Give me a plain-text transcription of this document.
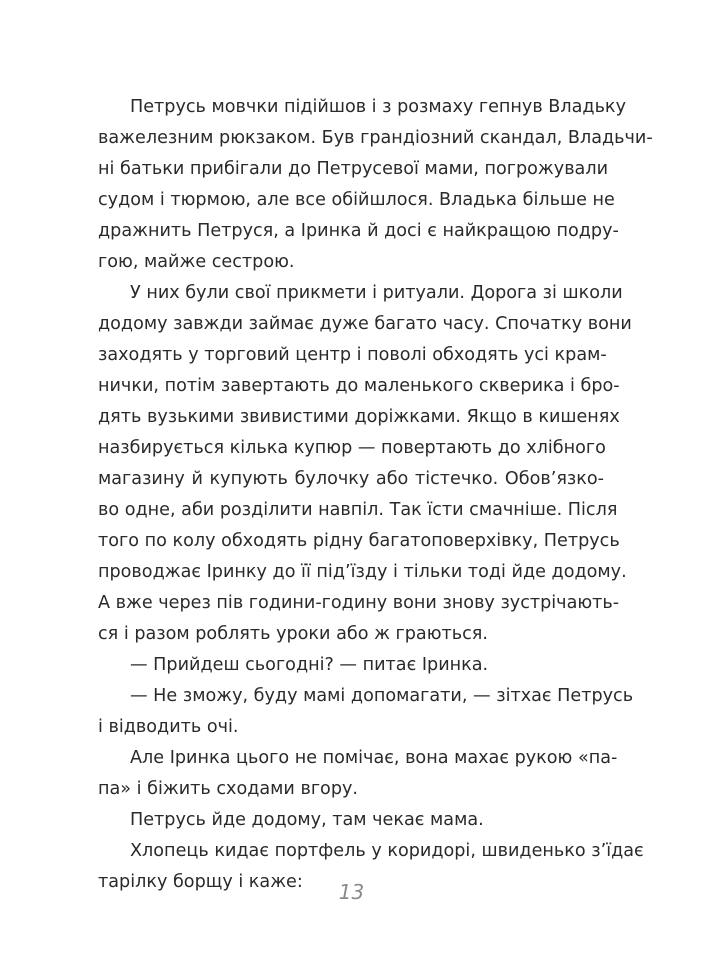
Петрусь мовчки підійшов і з розмаху гепнув Владьку
важелезним рюкзаком. Був грандіозний скандал, Владьчи-
ні батьки прибігали до Петрусевої мами, погрожували
судом і тюрмою, але все обійшлося. Владька більше не
дражнить Петруся, а Іринка й досі є найкращою подру-
гою, майже сестрою.
У них були свої прикмети і ритуали. Дорога зі школи
додому завжди займає дуже багато часу. Спочатку вони
заходять у торговий центр і поволі обходять усі крам-
нички, потім завертають до маленького скверика і бро-
дять вузькими звивистими доріжками. Якщо в кишенях
назбирується кілька купюр — повертають до хлібного
магазину й купують булочку або тістечко. Обов’язко-
во одне, аби розділити навпіл. Так їсти смачніше. Після
того по колу обходять рідну багатоповерхівку, Петрусь
проводжає Іринку до її під’їзду і тільки тоді йде додому.
А вже через пів години-годину вони знову зустрічають-
ся і разом роблять уроки або ж граються.
— Прийдеш сьогодні? — питає Іринка.
— Не зможу, буду мамі допомагати, — зітхає Петрусь
і відводить очі.
Але Іринка цього не помічає, вона махає рукою «па-
па» і біжить сходами вгору.
Петрусь йде додому, там чекає мама.
Хлопець кидає портфель у коридорі, швиденько з’їдає
тарілку борщу і каже:	13
